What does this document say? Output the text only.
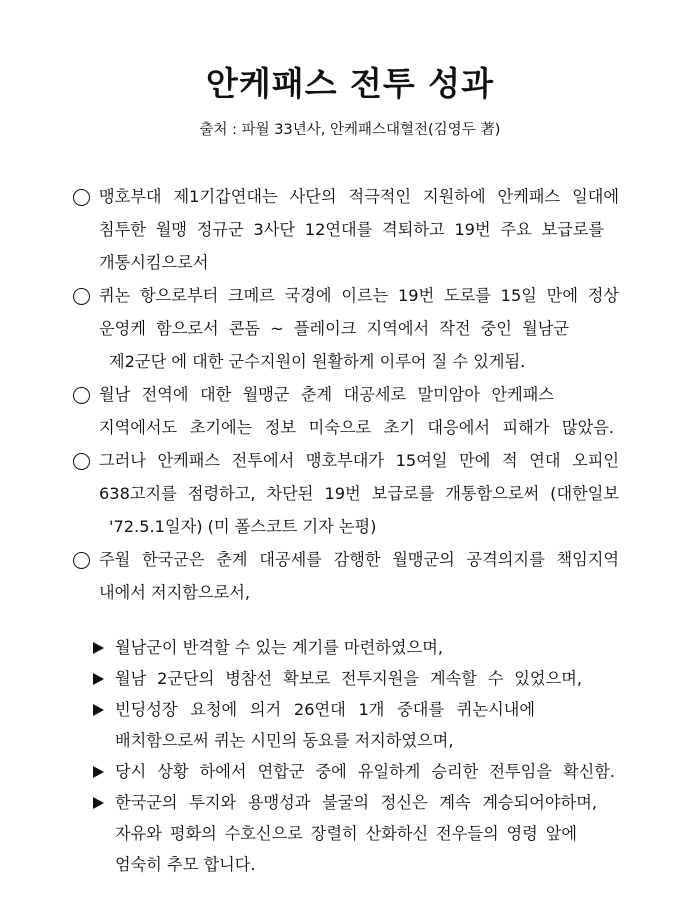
안케패스 전투 성과

출처 : 파월 33년사, 안케패스대혈전(김영두 著)

맹호부대 제1기갑연대는 사단의 적극적인 지원하에 안케패스 일대에

침투한 월맹 정규군 3사단 12연대를 격퇴하고 19번 주요 보급로를

개통시킴으로서

퀴논 항으로부터 크메르 국경에 이르는 19번 도로를 15일 만에 정상

운영케 함으로서 콘돔 ~ 플레이크 지역에서 작전 중인 월남군

제2군단 에 대한 군수지원이 원활하게 이루어 질 수 있게됨.

월남 전역에 대한 월맹군 춘계 대공세로 말미암아 안케패스

지역에서도 초기에는 정보 미숙으로 초기 대응에서 피해가 많았음.

그러나 안케패스 전투에서 맹호부대가 15여일 만에 적 연대 오피인

638고지를 점령하고, 차단된 19번 보급로를 개통함으로써 (대한일보

'72.5.1일자) (미 폴스코트 기자 논평)

주월 한국군은 춘계 대공세를 감행한 월맹군의 공격의지를 책임지역

내에서 저지함으로서,

월남군이 반격할 수 있는 계기를 마련하였으며,

월남 2군단의 병참선 확보로 전투지원을 계속할 수 있었으며,

빈딩성장 요청에 의거 26연대 1개 중대를 퀴논시내에

배치함으로써 퀴논 시민의 동요를 저지하였으며,

당시 상황 하에서 연합군 중에 유일하게 승리한 전투임을 확신함.

한국군의 투지와 용맹성과 불굴의 정신은 계속 계승되어야하며,

자유와 평화의 수호신으로 장렬히 산화하신 전우들의 영령 앞에

엄숙히 추모 합니다.
